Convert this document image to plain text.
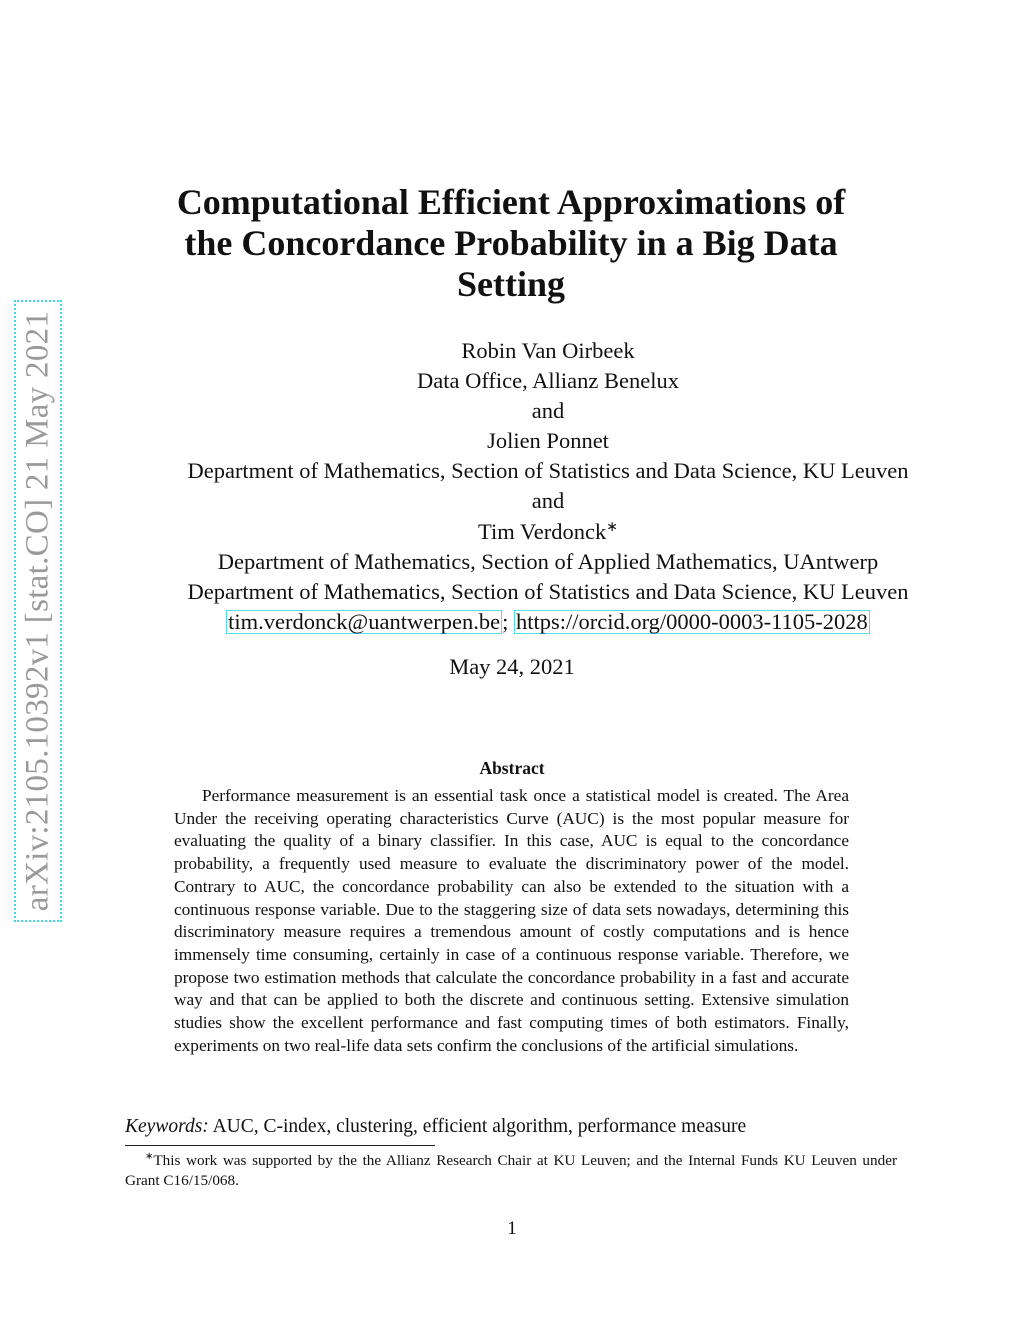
arXiv:2105.10392v1 [stat.CO] 21 May 2021
Computational Efficient Approximations of
the Concordance Probability in a Big Data
Setting
Robin Van Oirbeek
Data Office, Allianz Benelux
and
Jolien Ponnet
Department of Mathematics, Section of Statistics and Data Science, KU Leuven
and
Tim Verdonck∗
Department of Mathematics, Section of Applied Mathematics, UAntwerp
Department of Mathematics, Section of Statistics and Data Science, KU Leuven
tim.verdonck@uantwerpen.be; https://orcid.org/0000-0003-1105-2028
May 24, 2021
Abstract
Performance measurement is an essential task once a statistical model is created. The Area Under the receiving operating characteristics Curve (AUC) is the most popular measure for evaluating the quality of a binary classifier. In this case, AUC is equal to the concordance probability, a frequently used measure to evaluate the discriminatory power of the model. Contrary to AUC, the concordance probability can also be extended to the situation with a continuous response variable. Due to the staggering size of data sets nowadays, determining this discriminatory measure requires a tremendous amount of costly computations and is hence immensely time consuming, certainly in case of a continuous response variable. Therefore, we propose two estimation methods that calculate the concordance probability in a fast and accurate way and that can be applied to both the discrete and continuous setting. Extensive simulation studies show the excellent performance and fast computing times of both estimators. Finally, experiments on two real-life data sets confirm the conclusions of the artificial simulations.
Keywords: AUC, C-index, clustering, efficient algorithm, performance measure
∗This work was supported by the the Allianz Research Chair at KU Leuven; and the Internal Funds KU Leuven under Grant C16/15/068.
1
